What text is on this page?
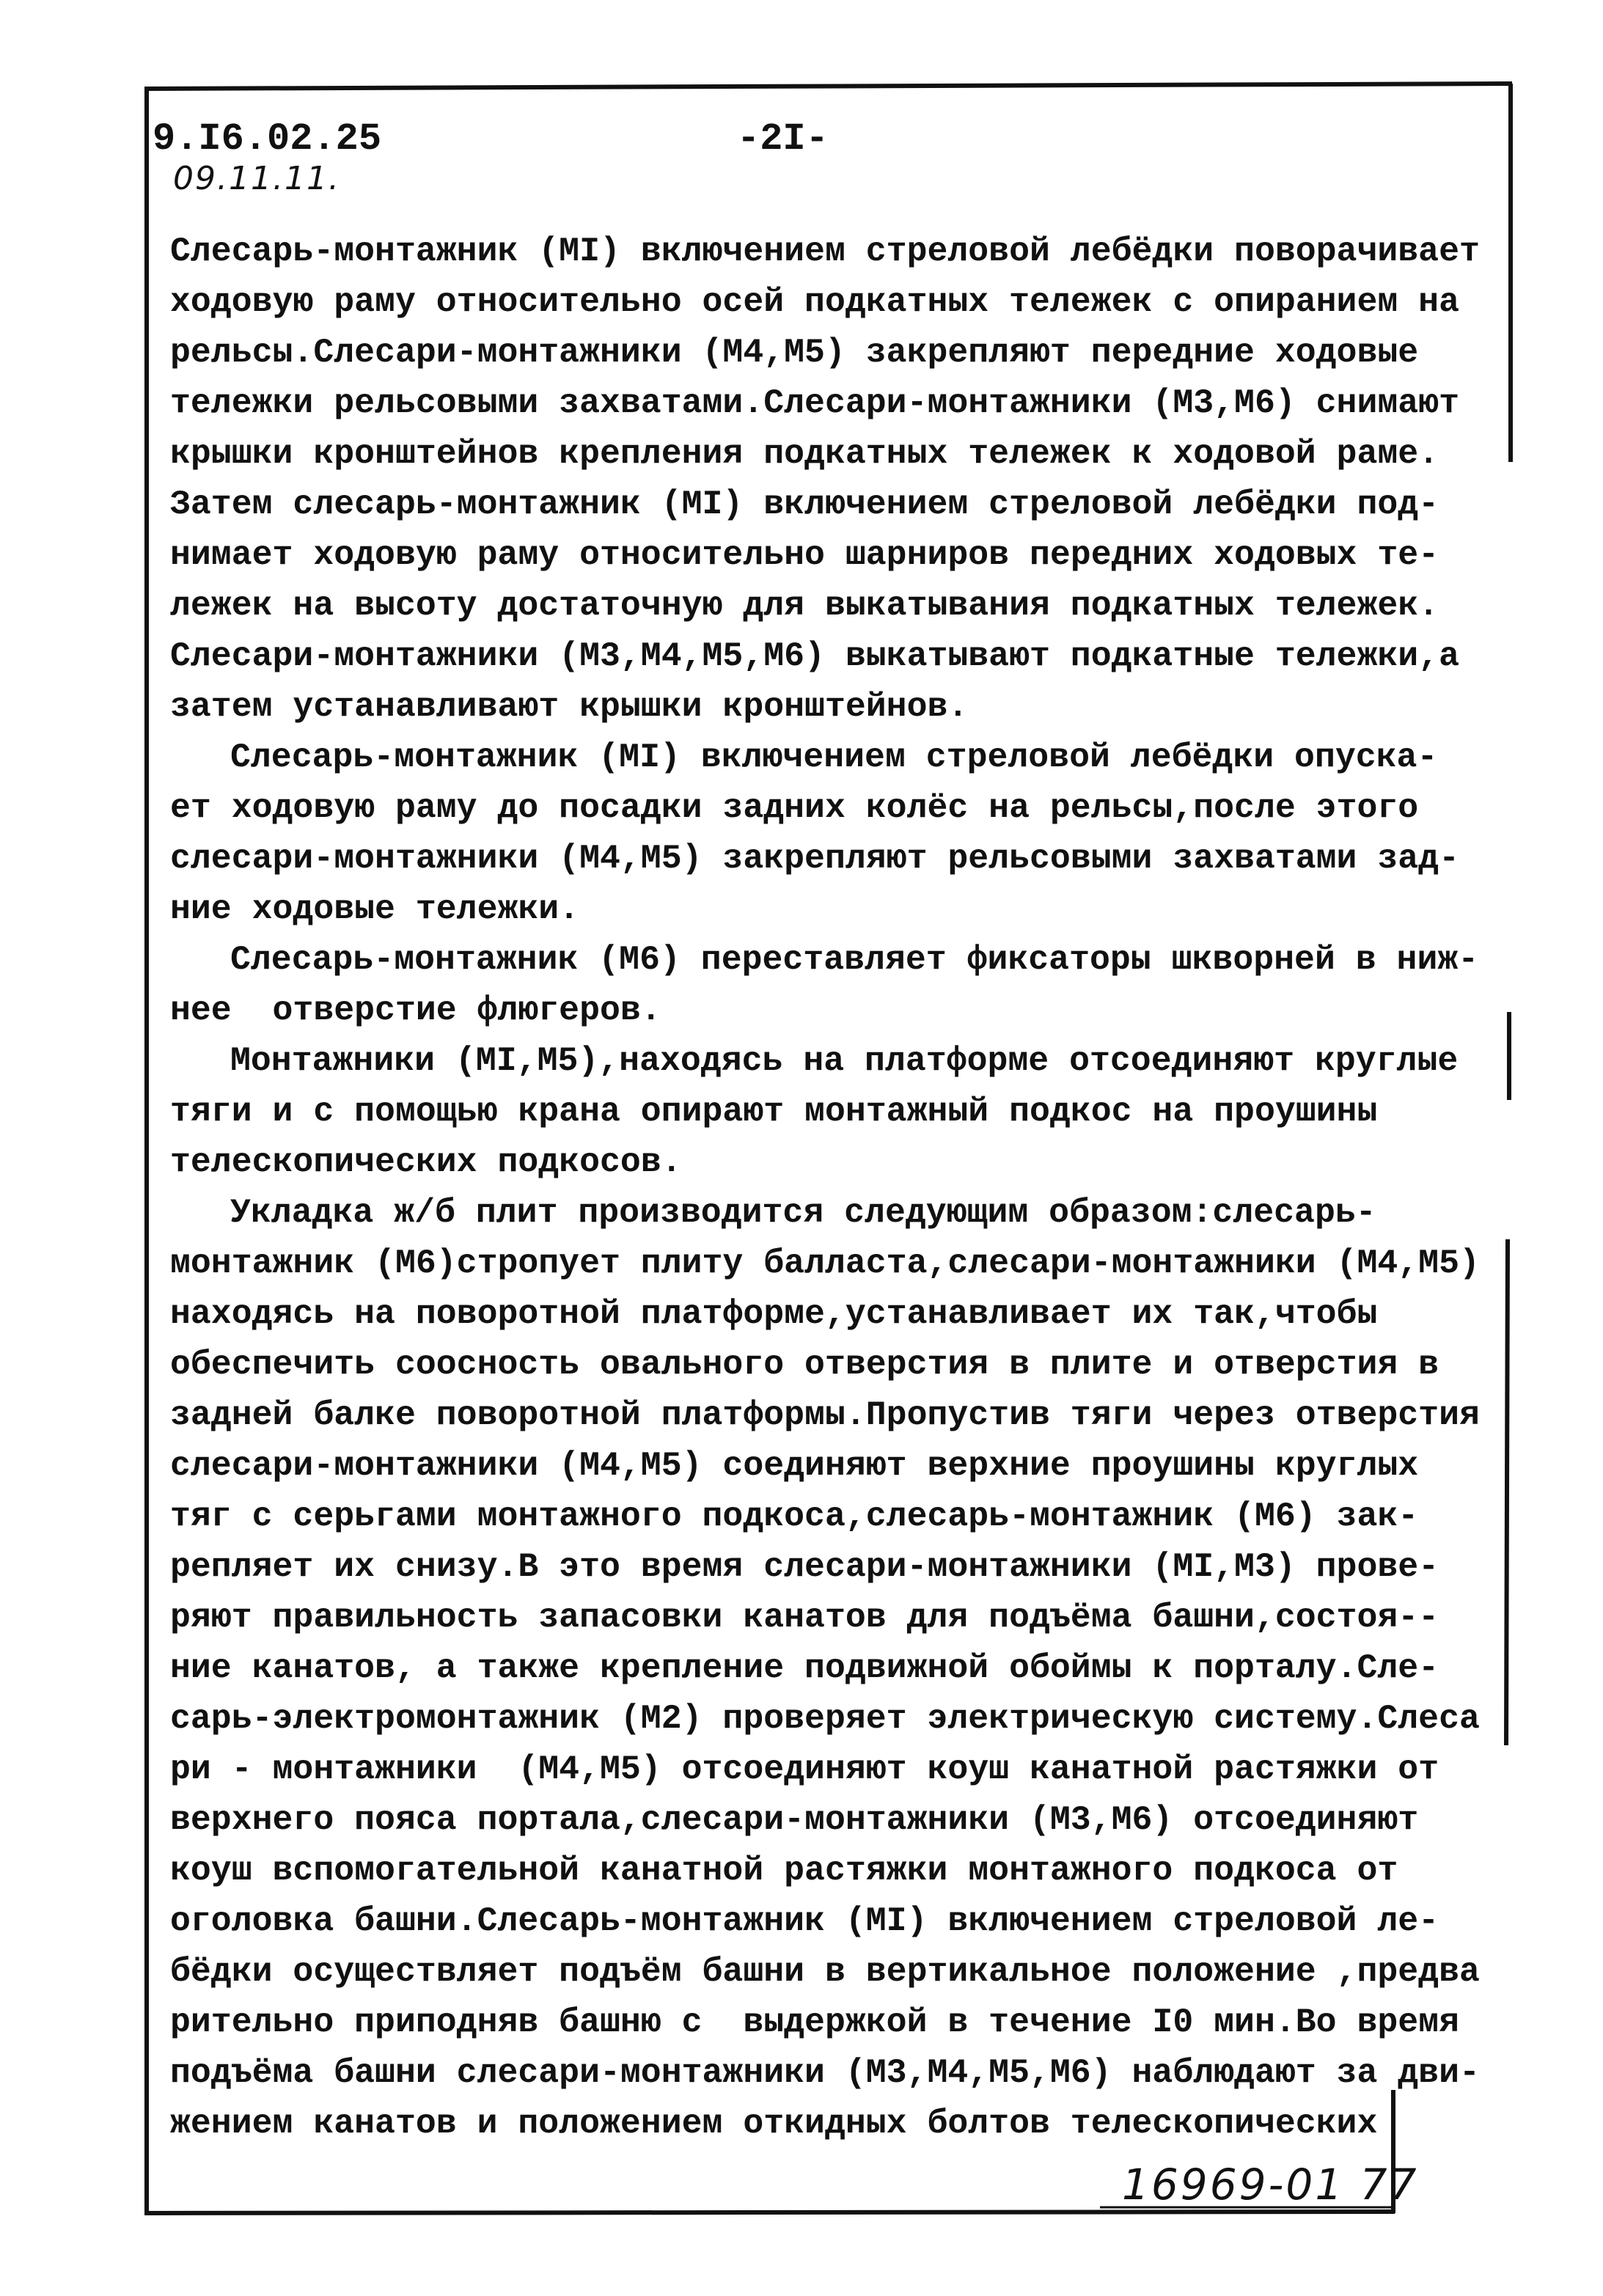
9.I6.02.25	-2I-
09.11.11.
Слесарь-монтажник (МI) включением стреловой лебёдки поворачивает
ходовую раму относительно осей подкатных тележек с опиранием на
рельсы.Слесари-монтажники (М4,М5) закрепляют передние ходовые
тележки рельсовыми захватами.Слесари-монтажники (М3,М6) снимают
крышки кронштейнов крепления подкатных тележек к ходовой раме.
Затем слесарь-монтажник (МI) включением стреловой лебёдки под-
нимает ходовую раму относительно шарниров передних ходовых те-
лежек на высоту достаточную для выкатывания подкатных тележек.
Слесари-монтажники (М3,М4,М5,М6) выкатывают подкатные тележки,а
затем устанавливают крышки кронштейнов.
Слесарь-монтажник (МI) включением стреловой лебёдки опуска-
ет ходовую раму до посадки задних колёс на рельсы,после этого
слесари-монтажники (М4,М5) закрепляют рельсовыми захватами зад-
ние ходовые тележки.
Слесарь-монтажник (М6) переставляет фиксаторы шкворней в ниж-
нее  отверстие флюгеров.
Монтажники (МI,М5),находясь на платформе отсоединяют круглые
тяги и с помощью крана опирают монтажный подкос на проушины
телескопических подкосов.
Укладка ж/б плит производится следующим образом:слесарь-
монтажник (М6)стропует плиту балласта,слесари-монтажники (М4,М5)
находясь на поворотной платформе,устанавливает их так,чтобы
обеспечить соосность овального отверстия в плите и отверстия в
задней балке поворотной платформы.Пропустив тяги через отверстия
слесари-монтажники (М4,М5) соединяют верхние проушины круглых
тяг с серьгами монтажного подкоса,слесарь-монтажник (М6) зак-
репляет их снизу.В это время слесари-монтажники (МI,М3) прове-
ряют правильность запасовки канатов для подъёма башни,состоя--
ние канатов, а также крепление подвижной обоймы к порталу.Сле-
сарь-электромонтажник (М2) проверяет электрическую систему.Слеса
ри - монтажники  (М4,М5) отсоединяют коуш канатной растяжки от
верхнего пояса портала,слесари-монтажники (М3,М6) отсоединяют
коуш вспомогательной канатной растяжки монтажного подкоса от
оголовка башни.Слесарь-монтажник (МI) включением стреловой ле-
бёдки осуществляет подъём башни в вертикальное положение ,предва
рительно приподняв башню с  выдержкой в течение I0 мин.Во время
подъёма башни слесари-монтажники (М3,М4,М5,М6) наблюдают за дви-
жением канатов и положением откидных болтов телескопических
16969-01 77
